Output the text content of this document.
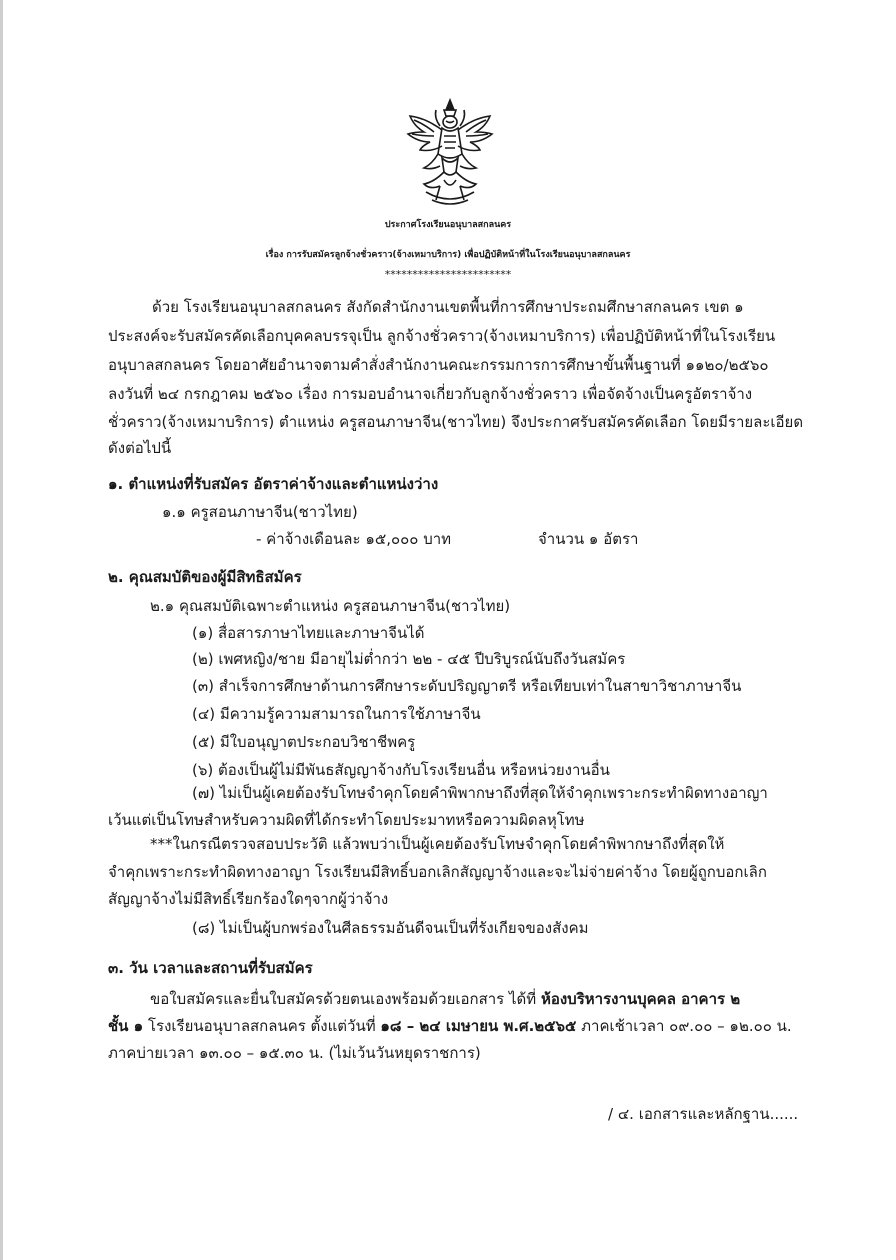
ประกาศโรงเรียนอนุบาลสกลนคร
เรื่อง การรับสมัครลูกจ้างชั่วคราว(จ้างเหมาบริการ) เพื่อปฏิบัติหน้าที่ในโรงเรียนอนุบาลสกลนคร
***********************
ด้วย โรงเรียนอนุบาลสกลนคร สังกัดสำนักงานเขตพื้นที่การศึกษาประถมศึกษาสกลนคร เขต ๑
ประสงค์จะรับสมัครคัดเลือกบุคคลบรรจุเป็น ลูกจ้างชั่วคราว(จ้างเหมาบริการ) เพื่อปฏิบัติหน้าที่ในโรงเรียน
อนุบาลสกลนคร โดยอาศัยอำนาจตามคำสั่งสำนักงานคณะกรรมการการศึกษาขั้นพื้นฐานที่ ๑๑๒๐/๒๕๖๐
ลงวันที่ ๒๔ กรกฎาคม ๒๕๖๐ เรื่อง การมอบอำนาจเกี่ยวกับลูกจ้างชั่วคราว เพื่อจัดจ้างเป็นครูอัตราจ้าง
ชั่วคราว(จ้างเหมาบริการ) ตำแหน่ง ครูสอนภาษาจีน(ชาวไทย) จึงประกาศรับสมัครคัดเลือก โดยมีรายละเอียด
ดังต่อไปนี้
๑. ตำแหน่งที่รับสมัคร อัตราค่าจ้างและตำแหน่งว่าง
๑.๑ ครูสอนภาษาจีน(ชาวไทย)
- ค่าจ้างเดือนละ ๑๕,๐๐๐ บาท	จำนวน ๑ อัตรา
๒. คุณสมบัติของผู้มีสิทธิสมัคร
๒.๑ คุณสมบัติเฉพาะตำแหน่ง ครูสอนภาษาจีน(ชาวไทย)
(๑) สื่อสารภาษาไทยและภาษาจีนได้
(๒) เพศหญิง/ชาย มีอายุไม่ต่ำกว่า ๒๒ - ๔๕ ปีบริบูรณ์นับถึงวันสมัคร
(๓) สำเร็จการศึกษาด้านการศึกษาระดับปริญญาตรี หรือเทียบเท่าในสาขาวิชาภาษาจีน
(๔) มีความรู้ความสามารถในการใช้ภาษาจีน
(๕) มีใบอนุญาตประกอบวิชาชีพครู
(๖) ต้องเป็นผู้ไม่มีพันธสัญญาจ้างกับโรงเรียนอื่น หรือหน่วยงานอื่น
(๗) ไม่เป็นผู้เคยต้องรับโทษจำคุกโดยคำพิพากษาถึงที่สุดให้จำคุกเพราะกระทำผิดทางอาญา
เว้นแต่เป็นโทษสำหรับความผิดที่ได้กระทำโดยประมาทหรือความผิดลหุโทษ
***ในกรณีตรวจสอบประวัติ แล้วพบว่าเป็นผู้เคยต้องรับโทษจำคุกโดยคำพิพากษาถึงที่สุดให้
จำคุกเพราะกระทำผิดทางอาญา โรงเรียนมีสิทธิ์บอกเลิกสัญญาจ้างและจะไม่จ่ายค่าจ้าง โดยผู้ถูกบอกเลิก
สัญญาจ้างไม่มีสิทธิ์เรียกร้องใดๆจากผู้ว่าจ้าง
(๘) ไม่เป็นผู้บกพร่องในศีลธรรมอันดีจนเป็นที่รังเกียจของสังคม
๓. วัน เวลาและสถานที่รับสมัคร
ขอใบสมัครและยื่นใบสมัครด้วยตนเองพร้อมด้วยเอกสาร ได้ที่ ห้องบริหารงานบุคคล อาคาร ๒
ชั้น ๑ โรงเรียนอนุบาลสกลนคร ตั้งแต่วันที่ ๑๘ – ๒๔ เมษายน พ.ศ.๒๕๖๕ ภาคเช้าเวลา ๐๙.๐๐ – ๑๒.๐๐ น.
ภาคบ่ายเวลา ๑๓.๐๐ – ๑๕.๓๐ น. (ไม่เว้นวันหยุดราชการ)
/ ๔. เอกสารและหลักฐาน......
